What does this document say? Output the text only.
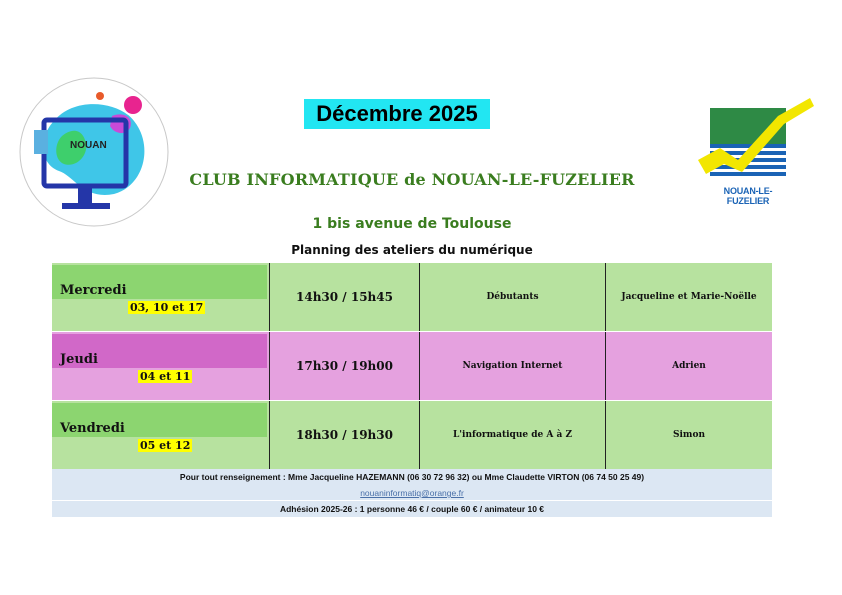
NOUAN
Décembre 2025
CLUB INFORMATIQUE de NOUAN-LE-FUZELIER
1 bis avenue de Toulouse
Planning des ateliers du numérique
NOUAN-LE-FUZELIER
Mercredi
03, 10 et 17
14h30 / 15h45	Débutants	Jacqueline et Marie-Noëlle
Jeudi
04 et 11
17h30 / 19h00	Navigation Internet	Adrien
Vendredi
05 et 12
18h30 / 19h30	L'informatique de A à Z	Simon
Pour tout renseignement : Mme Jacqueline HAZEMANN (06 30 72 96 32) ou Mme Claudette VIRTON (06 74 50 25 49)
nouaninformatiq@orange.fr
Adhésion 2025-26 : 1 personne 46 € / couple 60 € / animateur 10 €
